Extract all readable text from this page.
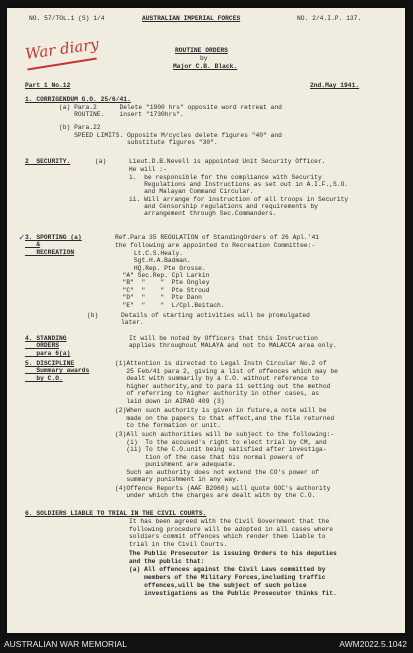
NO. 57/TOL.1 (S) 1/4	AUSTRALIAN IMPERIAL FORCES	NO. 2/4.I.P. 137.
War diary	ROUTINE ORDERS
by
Major C.B. Black.
Part 1 No.12	2nd.May 1941.
1. CORRIGENDUM G.O. 25/6/41.
(a) Para.2      Delete "1900 hrs" opposite word retreat and
ROUTINE.    insert "1730hrs".
(b) Para.22
SPEED LIMITS. Opposite M/cycles delete figures "40" and
substitute figures "30".
2  SECURITY.	(a)      Lieut.D.B.Nevell is appointed Unit Security Officer.
He will :-
i.  be responsible for the compliance with Security
Regulations and Instructions as set out in A.I.F.,S.O.
and Malayan Command Circular.
ii. Will arrange for instruction of all troops in Security
and Censorship regulations and requirements by
arrangement through Sec.Commanders.
✓ 3. SPORTING (a)
&
RECREATION
Ref.Para 35 REGULATION of StandingOrders of 26 Apl.'41
the following are appointed to Recreation Committee:-
Lt.C.S.Healy.
Sgt.H.A.Badman.
HQ.Rep. Pte Grosse.
"A" Sec.Rep. Cpl Larkin
"B"  "    "  Pte Ongley
"C"  "    "  Pte Stroud
"D"  "    "  Pte Dann
"E"  "    "  L/Cpl.Beitach.
(b)      Details of starting activities will be promulgated
later.
4. STANDING
ORDERS
para 6(a)
It will be noted by Officers that this Instruction
applies throughout MALAYA and not to MALACCA area only.
5. DISCIPLINE
Summary awards
by C.O.
(1)Attention is directed to Legal Instn Circular No.2 of
25 Feb/41 para 2, giving a list of offences which may be
dealt with summarily by a C.O. without reference to
higher authority,and to para 11 setting out the method
of referring to higher authority in other cases, as
laid down in AIRAO 409 (3)
(2)When such authority is given in future,a note will be
made on the papers to that effect,and the file returned
to the formation or unit.
(3)All such authorities will be subject to the following:-
(i)  To the accused's right to elect trial by CM, and
(ii) To the C.O.unit being satisfied after investiga-
tion of the case that his normal powers of
punishment are adequate.
Such an authority does not extend the CO's power of
summary punishment in any way.
(4)Offence Reports (AAF B2060) will quote GOC's authority
under which the charges are dealt with by the C.O.
6. SOLDIERS LIABLE TO TRIAL IN THE CIVIL COURTS.
It has been agreed with the Civil Government that the
following procedure will be adopted in all cases where
soldiers commit offences which render them liable to
trial in the Civil Courts.
The Public Prosecutor is issuing Orders to his deputies
and the public that:
(a) All offences against the Civil Laws committed by
members of the Military Forces,including traffic
offences,will be the subject of such police
investigations as the Public Prosecutor thinks fit.
AUSTRALIAN WAR MEMORIAL	AWM2022.5.1042
